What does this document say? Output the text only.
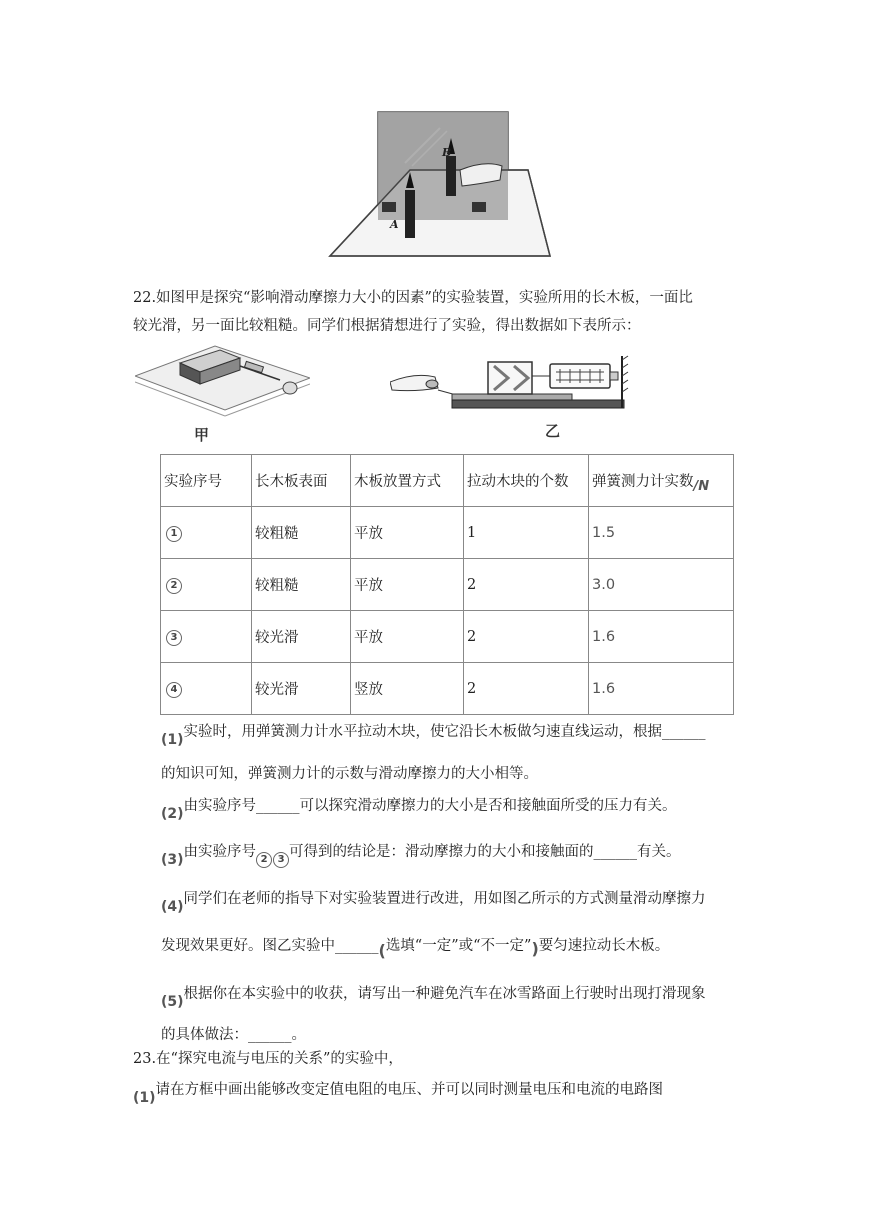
B
A
22.如图甲是探究“影响滑动摩擦力大小的因素”的实验装置，实验所用的长木板，一面比
较光滑，另一面比较粗糙。同学们根据猜想进行了实验，得出数据如下表所示：
甲	乙
实验序号	长木板表面	木板放置方式	拉动木块的个数	弹簧测力计实数/N
1	较粗糙	平放	1	1.5
2	较粗糙	平放	2	3.0
3	较光滑	平放	2	1.6
4	较光滑	竖放	2	1.6
(1)实验时，用弹簧测力计水平拉动木块，使它沿长木板做匀速直线运动，根据______
的知识可知，弹簧测力计的示数与滑动摩擦力的大小相等。
(2)由实验序号______可以探究滑动摩擦力的大小是否和接触面所受的压力有关。
(3)由实验序号 2 3 可得到的结论是：滑动摩擦力的大小和接触面的______有关。
(4)同学们在老师的指导下对实验装置进行改进，用如图乙所示的方式测量滑动摩擦力
发现效果更好。图乙实验中______(选填“一定”或“不一定”)要匀速拉动长木板。
(5)根据你在本实验中的收获，请写出一种避免汽车在冰雪路面上行驶时出现打滑现象
的具体做法：______。
23.在“探究电流与电压的关系”的实验中，
(1)请在方框中画出能够改变定值电阻的电压、并可以同时测量电压和电流的电路图
